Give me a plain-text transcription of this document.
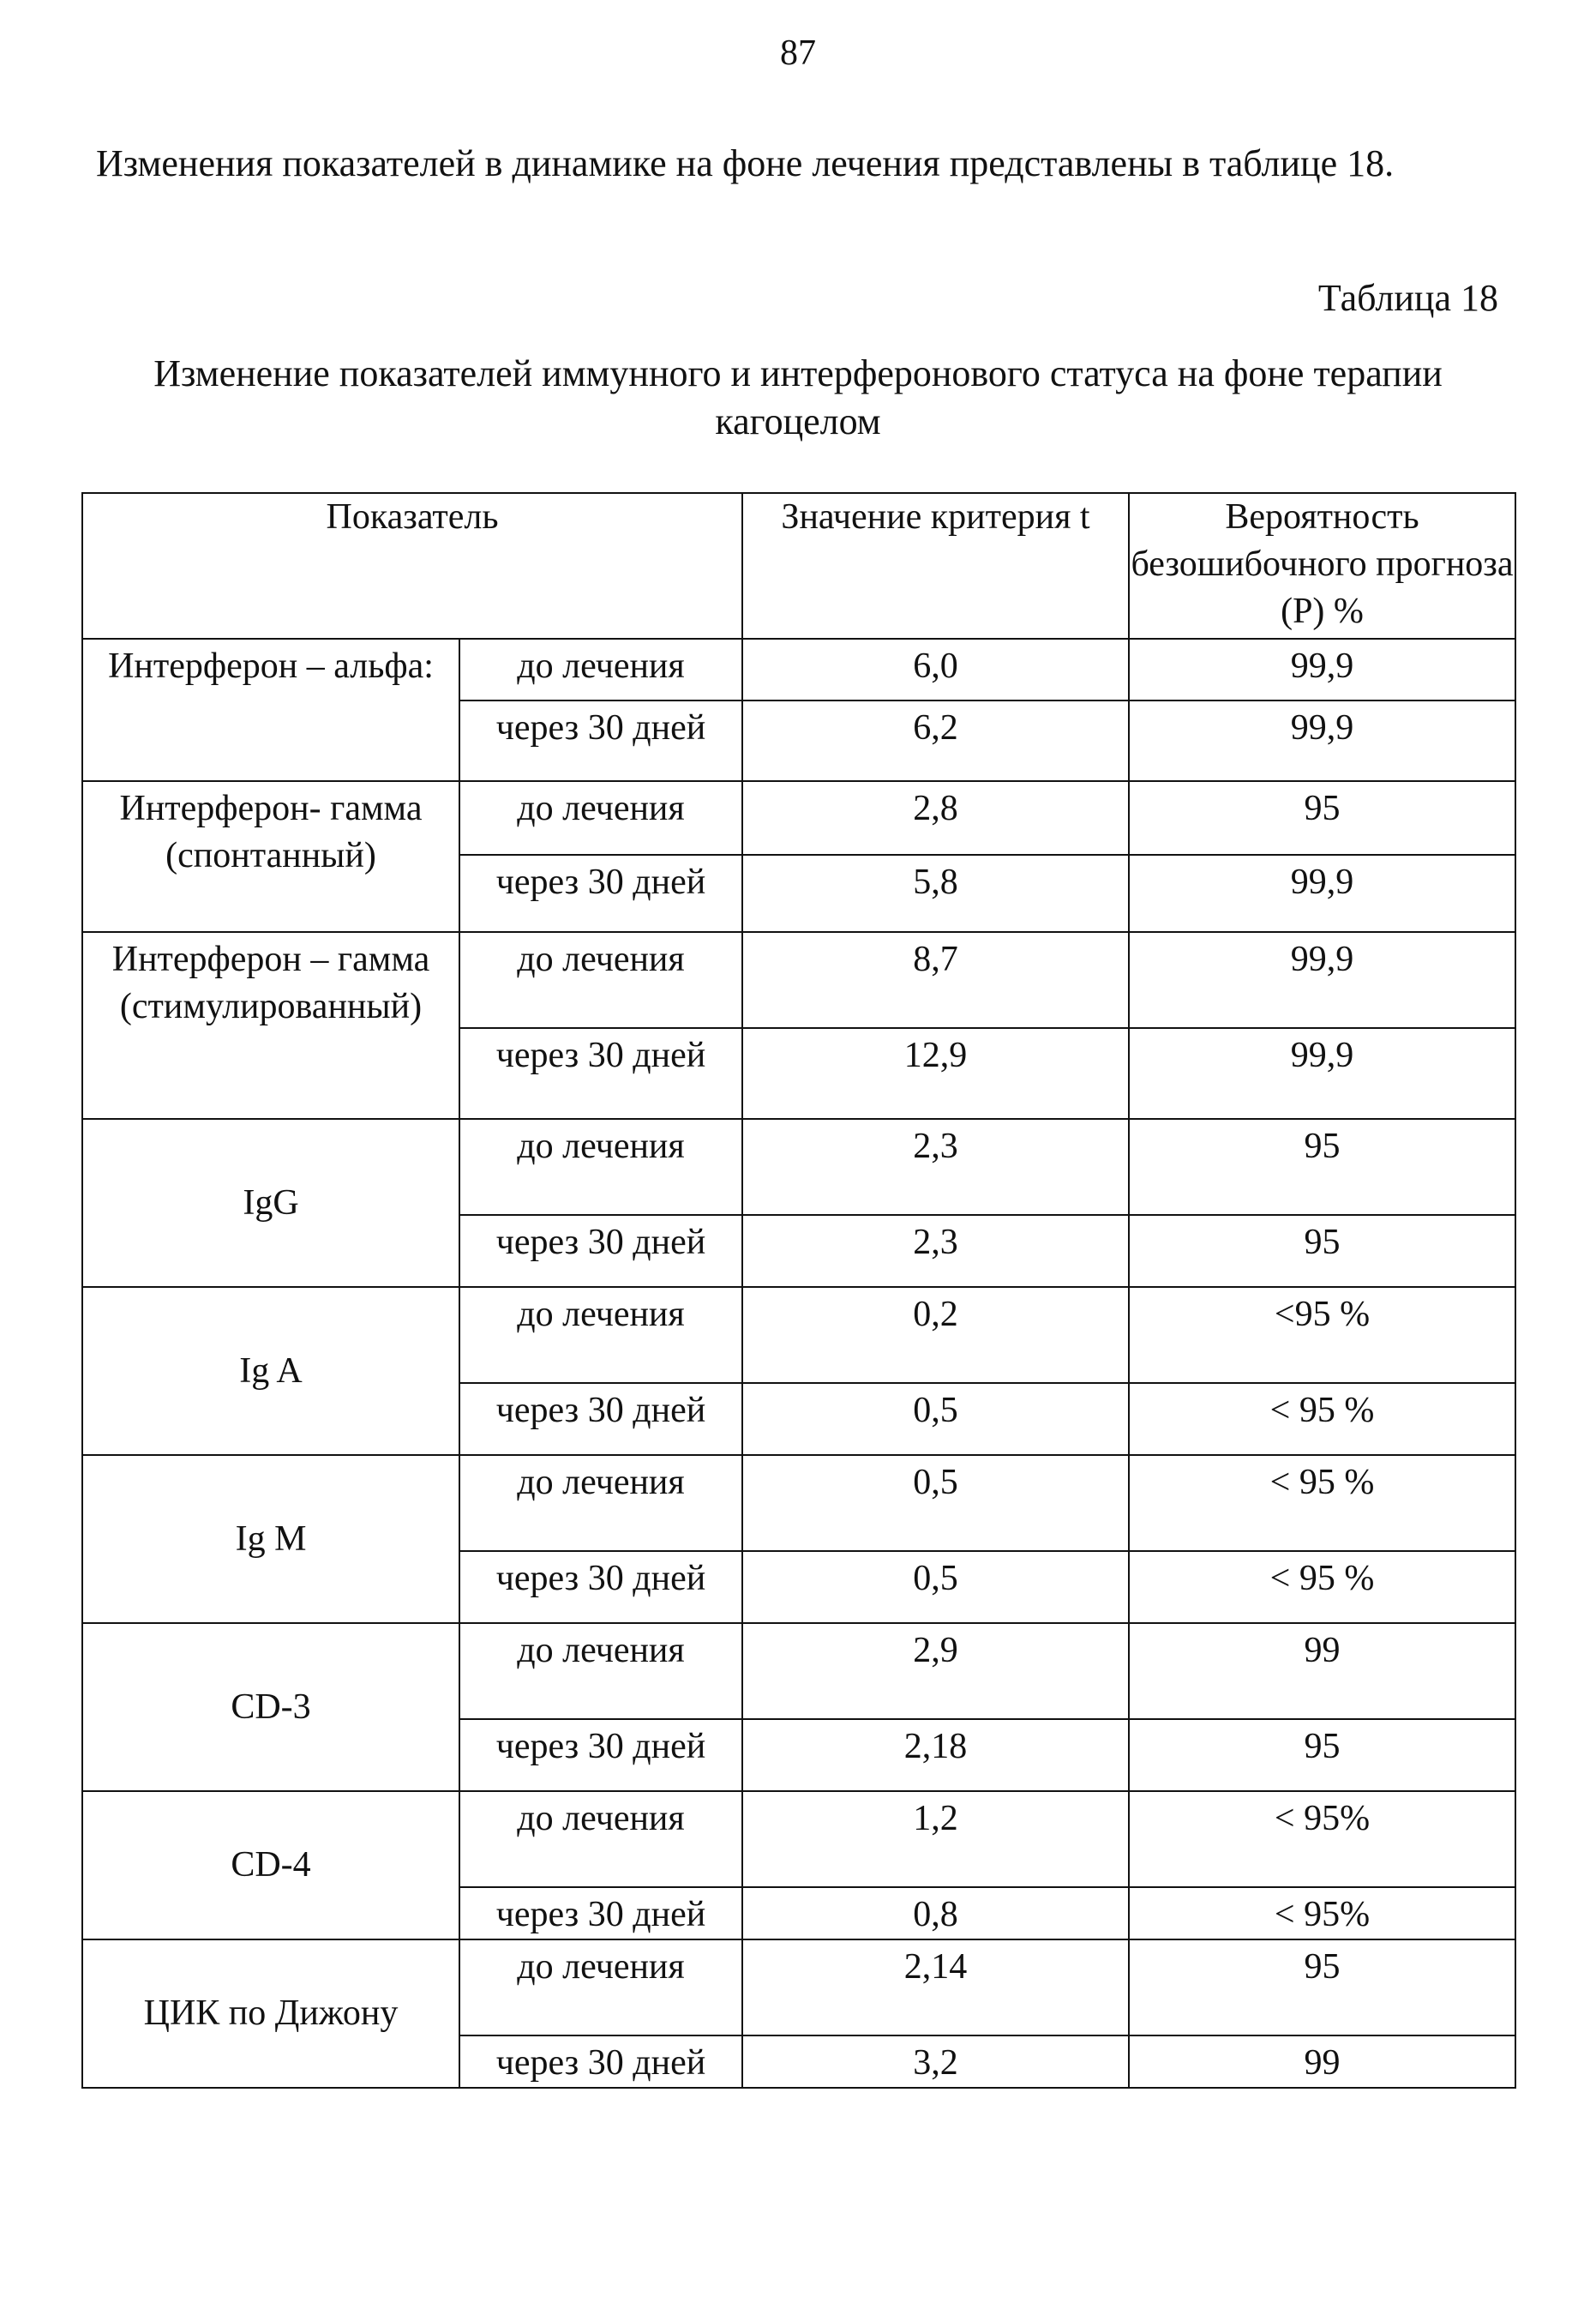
87
Изменения показателей в динамике на фоне лечения представлены в таблице 18.
Таблица 18
Изменение показателей иммунного и интерферонового статуса на фоне терапии
кагоцелом
Показатель		Значение критерия t	Вероятность безошибочного прогноза (Р) %
Интерферон – альфа:	до лечения	6,0	99,9
	через 30 дней	6,2	99,9
Интерферон- гамма (спонтанный)	до лечения	2,8	95
	через 30 дней	5,8	99,9
Интерферон – гамма (стимулированный)	до лечения	8,7	99,9
	через 30 дней	12,9	99,9
IgG	до лечения	2,3	95
	через 30 дней	2,3	95
Ig A	до лечения	0,2	<95 %
	через 30 дней	0,5	< 95 %
Ig M	до лечения	0,5	< 95 %
	через 30 дней	0,5	< 95 %
CD-3	до лечения	2,9	99
	через 30 дней	2,18	95
CD-4	до лечения	1,2	< 95%
	через 30 дней	0,8	< 95%
ЦИК по Дижону	до лечения	2,14	95
	через 30 дней	3,2	99
